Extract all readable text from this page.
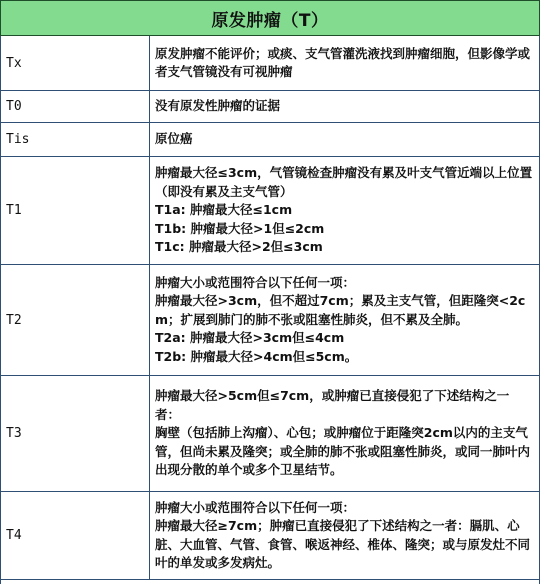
原发肿瘤（T）
Tx
原发肿瘤不能评价；或痰、支气管灌洗液找到肿瘤细胞，但影像学或者支气管镜没有可视肿瘤
T0	没有原发性肿瘤的证据
Tis	原位癌
T1
肿瘤最大径≤3cm，气管镜检查肿瘤没有累及叶支气管近端以上位置（即没有累及主支气管）
T1a: 肿瘤最大径≤1cm
T1b: 肿瘤最大径>1但≤2cm
T1c: 肿瘤最大径>2但≤3cm
T2
肿瘤大小或范围符合以下任何一项：
肿瘤最大径>3cm，但不超过7cm；累及主支气管，但距隆突<2cm；扩展到肺门的肺不张或阻塞性肺炎，但不累及全肺。
T2a: 肿瘤最大径>3cm但≤4cm
T2b: 肿瘤最大径>4cm但≤5cm。
T3
肿瘤最大径>5cm但≤7cm，或肿瘤已直接侵犯了下述结构之一者：
胸壁（包括肺上沟瘤）、心包；或肿瘤位于距隆突2cm以内的主支气管，但尚未累及隆突；或全肺的肺不张或阻塞性肺炎，或同一肺叶内出现分散的单个或多个卫星结节。
T4
肿瘤大小或范围符合以下任何一项：
肿瘤最大径≥7cm；肿瘤已直接侵犯了下述结构之一者：膈肌、心脏、大血管、气管、食管、喉返神经、椎体、隆突；或与原发灶不同叶的单发或多发病灶。
